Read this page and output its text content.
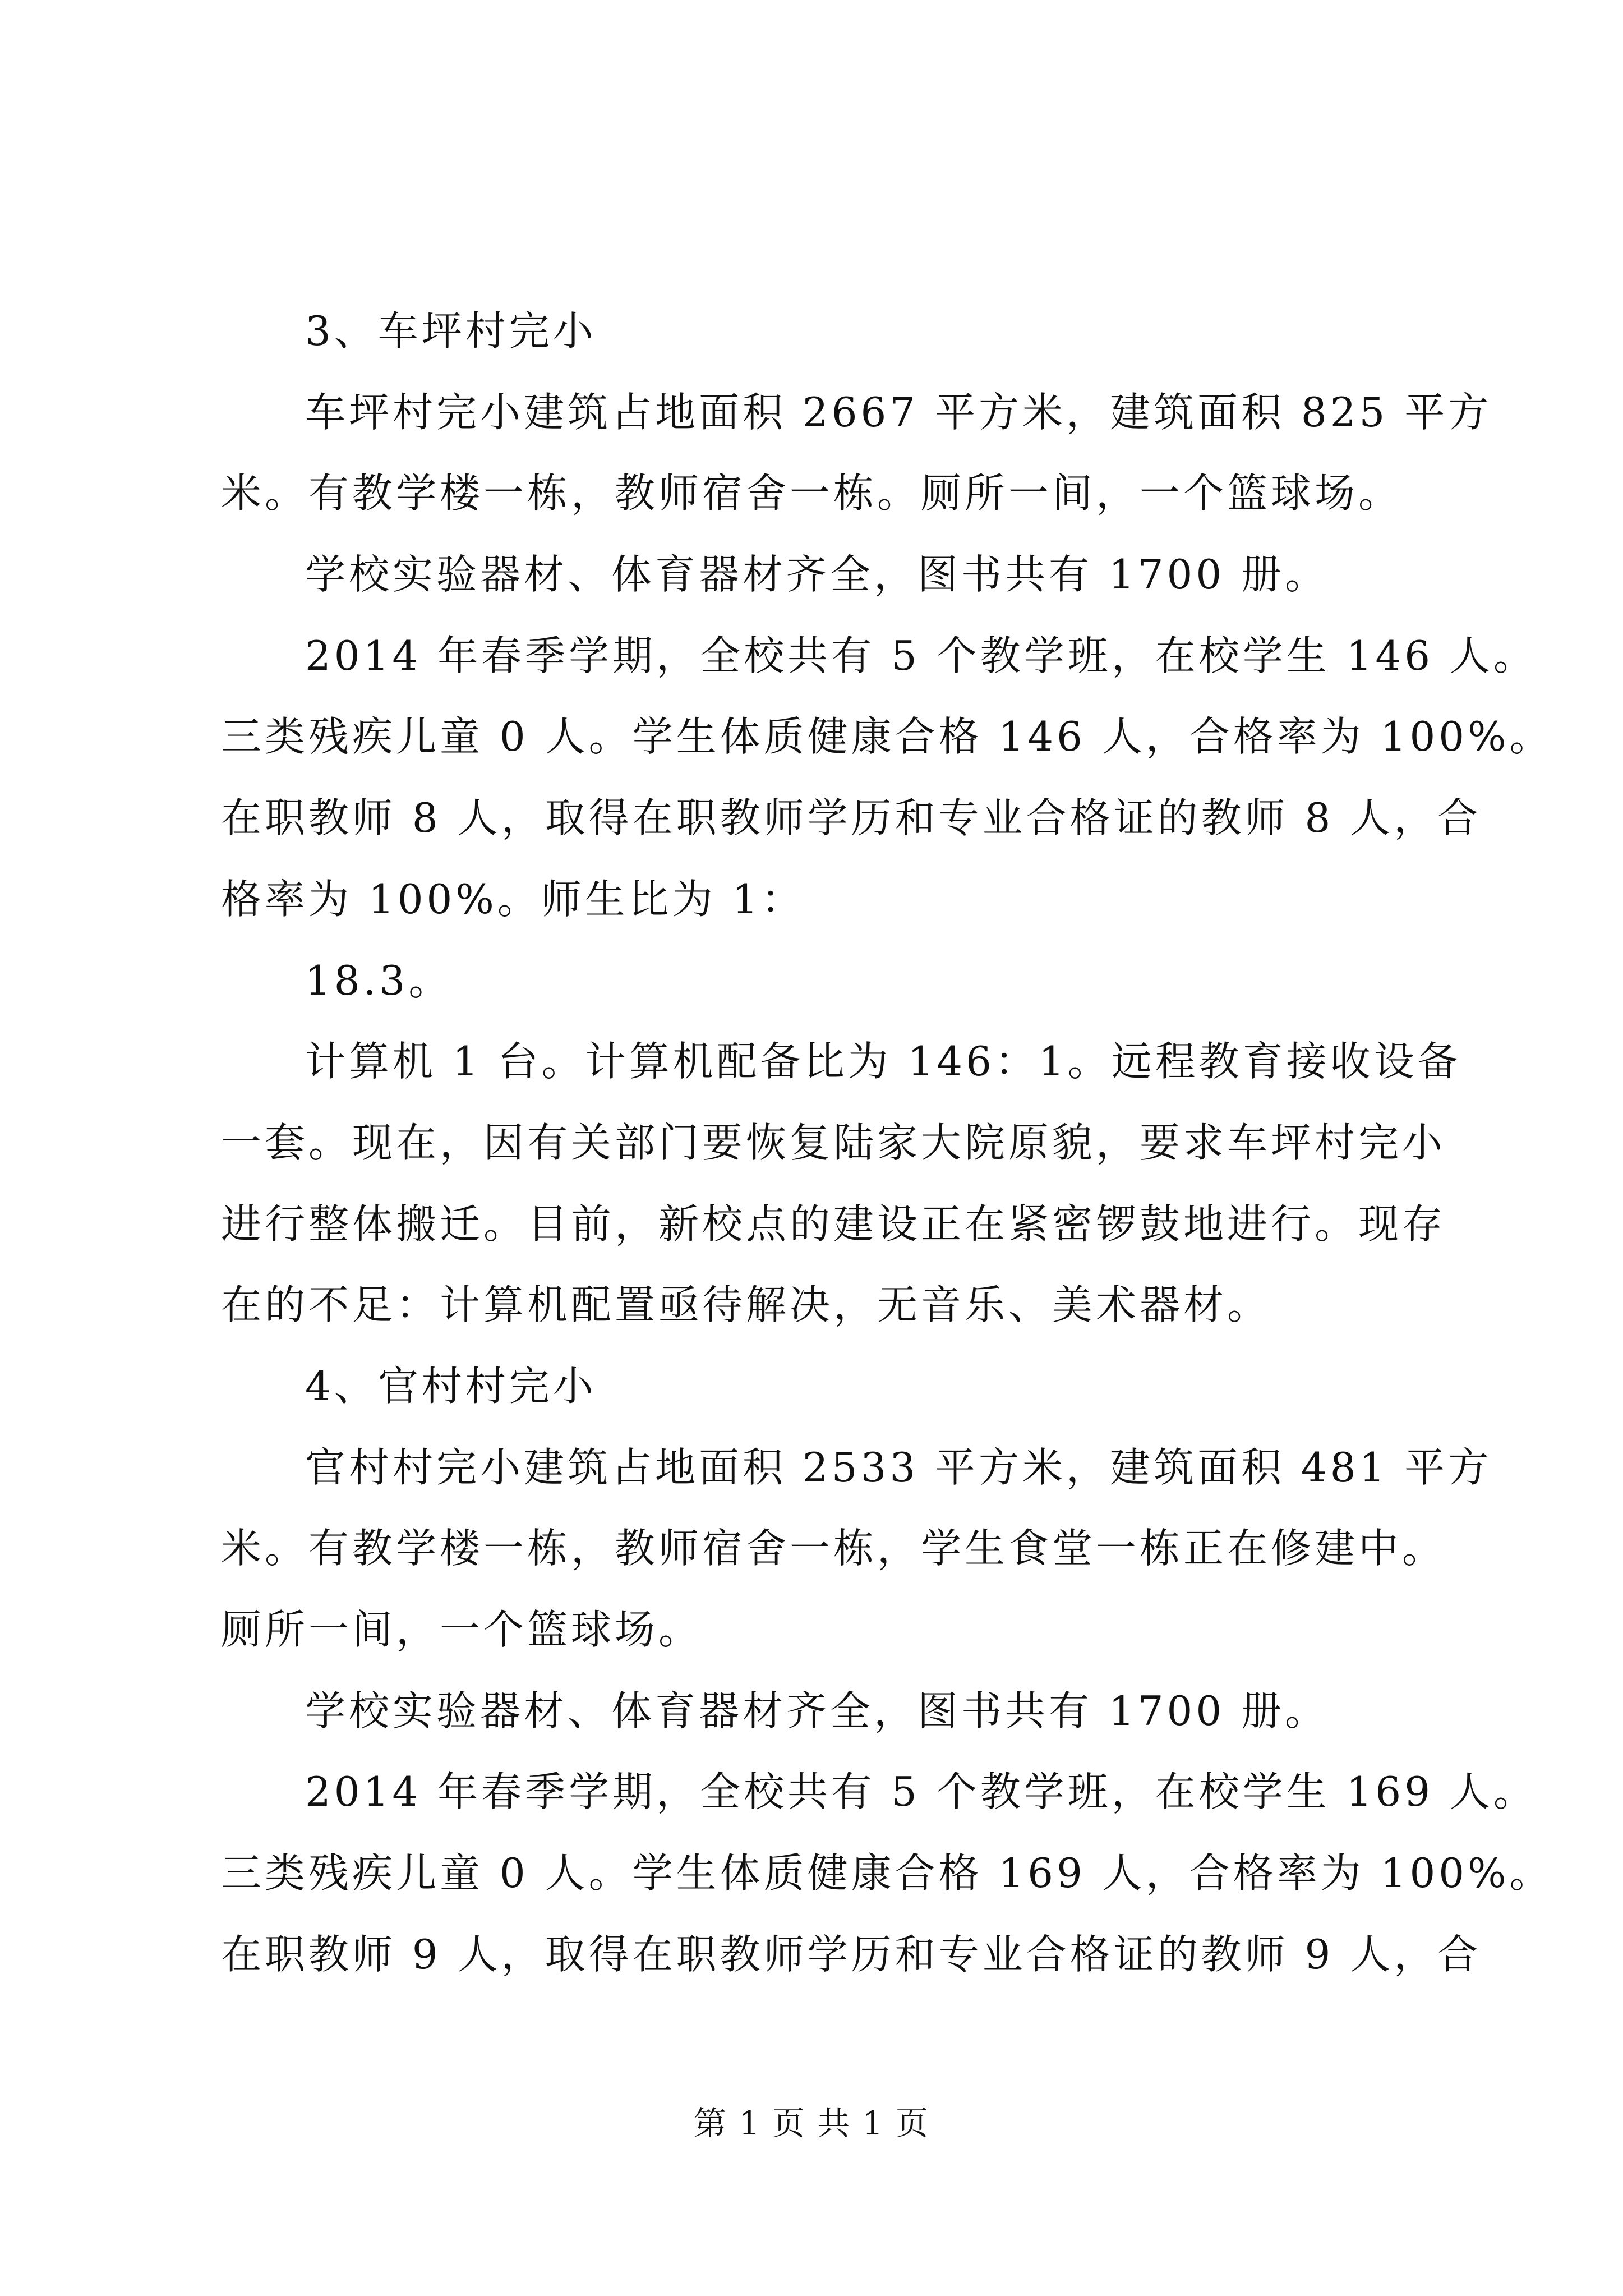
3、车坪村完小
车坪村完小建筑占地面积 2667 平方米，建筑面积 825 平方
米。有教学楼一栋，教师宿舍一栋。厕所一间，一个篮球场。
学校实验器材、体育器材齐全，图书共有 1700 册。
2014 年春季学期，全校共有 5 个教学班，在校学生 146 人。
三类残疾儿童 0 人。学生体质健康合格 146 人，合格率为 100%。
在职教师 8 人，取得在职教师学历和专业合格证的教师 8 人，合
格率为 100%。师生比为 1：
18.3。
计算机 1 台。计算机配备比为 146：1。远程教育接收设备
一套。现在，因有关部门要恢复陆家大院原貌，要求车坪村完小
进行整体搬迁。目前，新校点的建设正在紧密锣鼓地进行。现存
在的不足：计算机配置亟待解决，无音乐、美术器材。
4、官村村完小
官村村完小建筑占地面积 2533 平方米，建筑面积 481 平方
米。有教学楼一栋，教师宿舍一栋，学生食堂一栋正在修建中。
厕所一间，一个篮球场。
学校实验器材、体育器材齐全，图书共有 1700 册。
2014 年春季学期，全校共有 5 个教学班，在校学生 169 人。
三类残疾儿童 0 人。学生体质健康合格 169 人，合格率为 100%。
在职教师 9 人，取得在职教师学历和专业合格证的教师 9 人，合
第 1 页 共 1 页
